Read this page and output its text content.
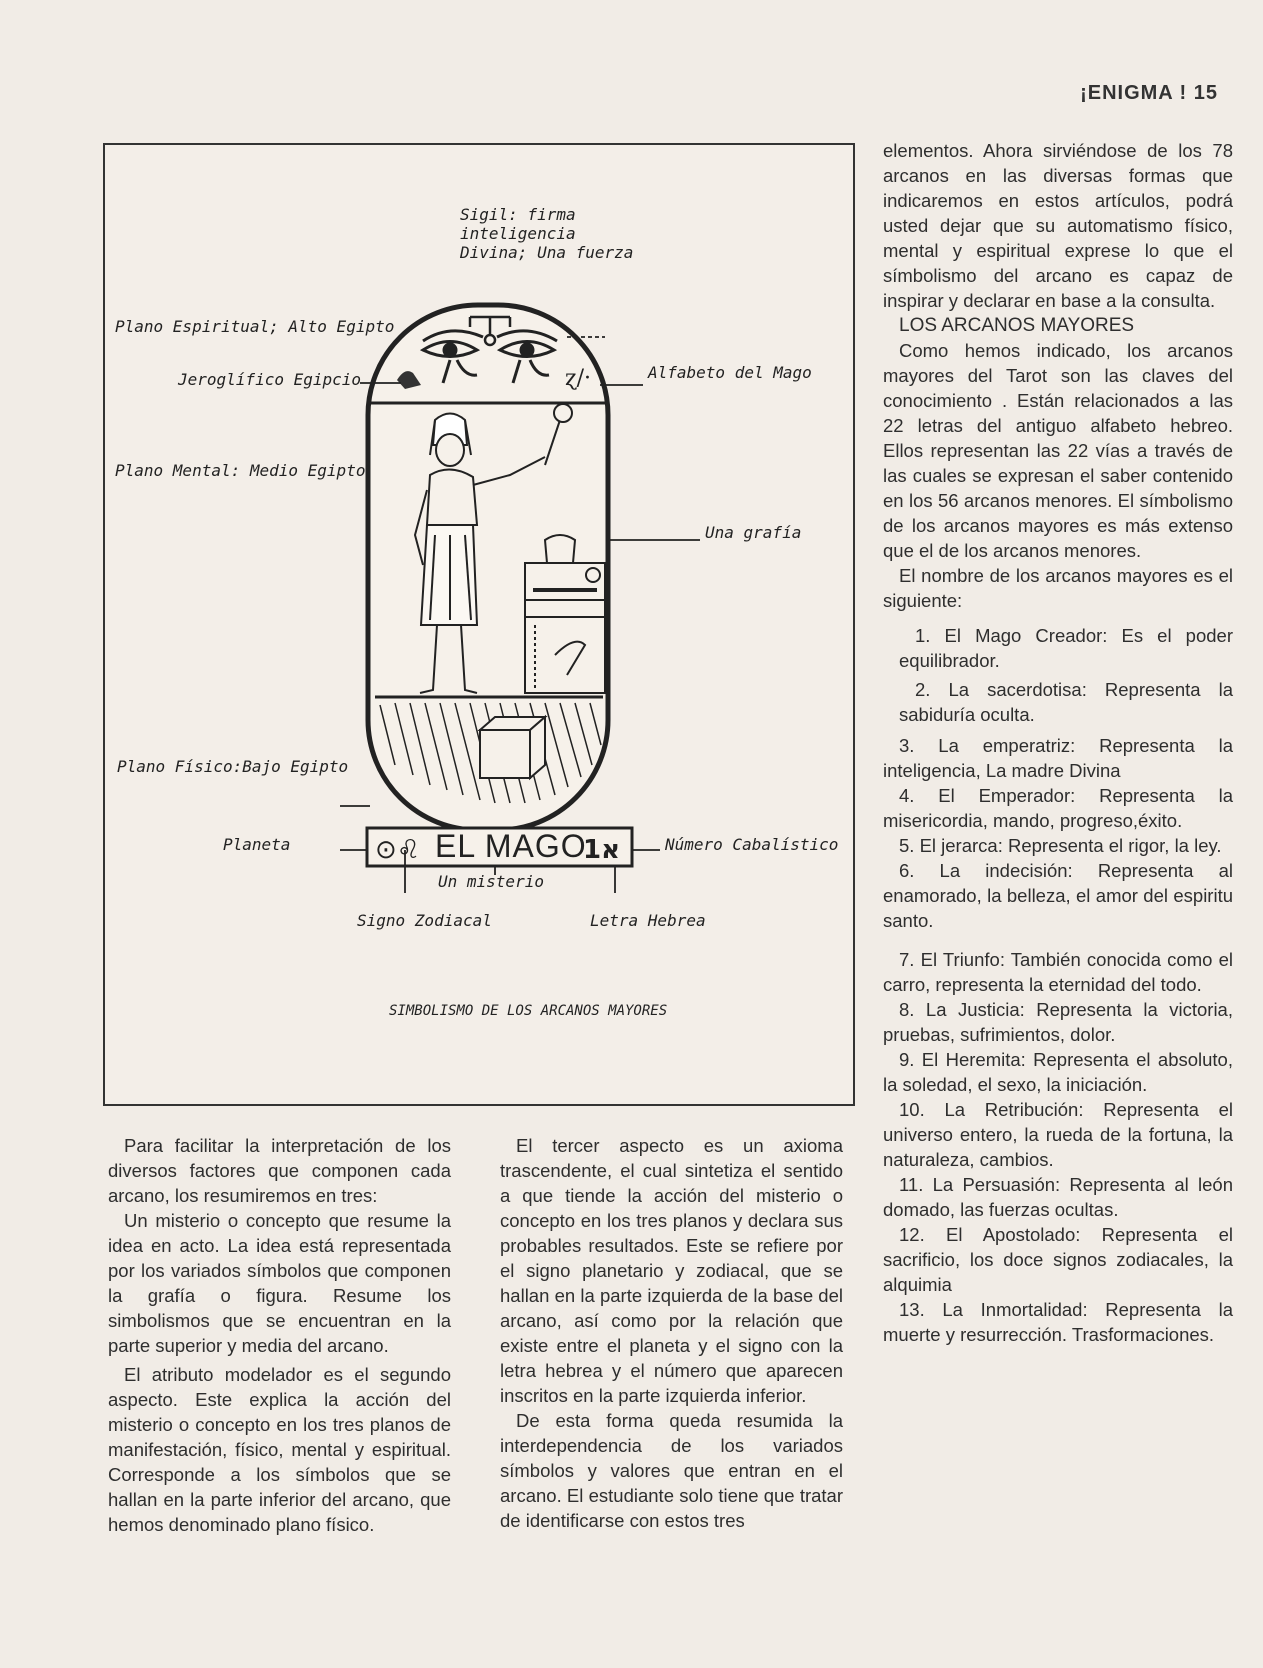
¡ENIGMA ! 15
ɀ/·
⊙♌	א1
Sigil: firma
inteligencia
Divina; Una fuerza
Plano Espiritual; Alto Egipto
Jeroglífico Egipcio	Alfabeto del Mago
Plano Mental: Medio Egipto
Una grafía
Plano Físico:Bajo Egipto
Planeta	Número Cabalístico
Un misterio
Signo Zodiacal	Letra Hebrea
SIMBOLISMO DE LOS ARCANOS MAYORES
EL MAGO

elementos. Ahora sirviéndose de los 78 arcanos en las diversas formas que indicaremos en estos artículos, podrá usted dejar que su automatismo físico, mental y espiritual exprese lo que el símbolismo del arcano es capaz de inspirar y declarar en base a la consulta.

LOS ARCANOS MAYORES

Como hemos indicado, los arcanos mayores del Tarot son las claves del conocimiento . Están relacionados a las 22 letras del antiguo alfabeto hebreo. Ellos representan las 22 vías a través de las cuales se expresan el saber contenido en los 56 arcanos menores. El símbolismo de los arcanos mayores es más extenso que el de los arcanos menores.

El nombre de los arcanos mayores es el siguiente:

1. El Mago Creador: Es el poder equilibrador.

2. La sacerdotisa: Representa la sabiduría oculta.

3. La emperatriz: Representa la inteligencia, La madre Divina

4. El Emperador: Representa la misericordia, mando, progreso,éxito.

5. El jerarca: Representa el rigor, la ley.

6. La indecisión: Representa al enamorado, la belleza, el amor del espiritu santo.

7. El Triunfo: También conocida como el carro, representa la eternidad del todo.

8. La Justicia: Representa la victoria, pruebas, sufrimientos, dolor.

9. El Heremita: Representa el absoluto, la soledad, el sexo, la iniciación.

10. La Retribución: Representa el universo entero, la rueda de la fortuna, la naturaleza, cambios.

11. La Persuasión: Representa al león domado, las fuerzas ocultas.

12. El Apostolado: Representa el sacrificio, los doce signos zodiacales, la alquimia

13. La Inmortalidad: Representa la muerte y resurrección. Trasformaciones.

Para facilitar la interpretación de los diversos factores que componen cada arcano, los resumiremos en tres:

Un misterio o concepto que resume la idea en acto. La idea está representada por los variados símbolos que componen la grafía o figura. Resume los simbolismos que se encuentran en la parte superior y media del arcano.

El atributo modelador es el segundo aspecto. Este explica la acción del misterio o concepto en los tres planos de manifestación, físico, mental y espiritual. Corresponde a los símbolos que se hallan en la parte inferior del arcano, que hemos denominado plano físico.

El tercer aspecto es un axioma trascendente, el cual sintetiza el sentido a que tiende la acción del misterio o concepto en los tres planos y declara sus probables resultados. Este se refiere por el signo planetario y zodiacal, que se hallan en la parte izquierda de la base del arcano, así como por la relación que existe entre el planeta y el signo con la letra hebrea y el número que aparecen inscritos en la parte izquierda inferior.

De esta forma queda resumida la interdependencia de los variados símbolos y valores que entran en el arcano. El estudiante solo tiene que tratar de identificarse con estos tres
